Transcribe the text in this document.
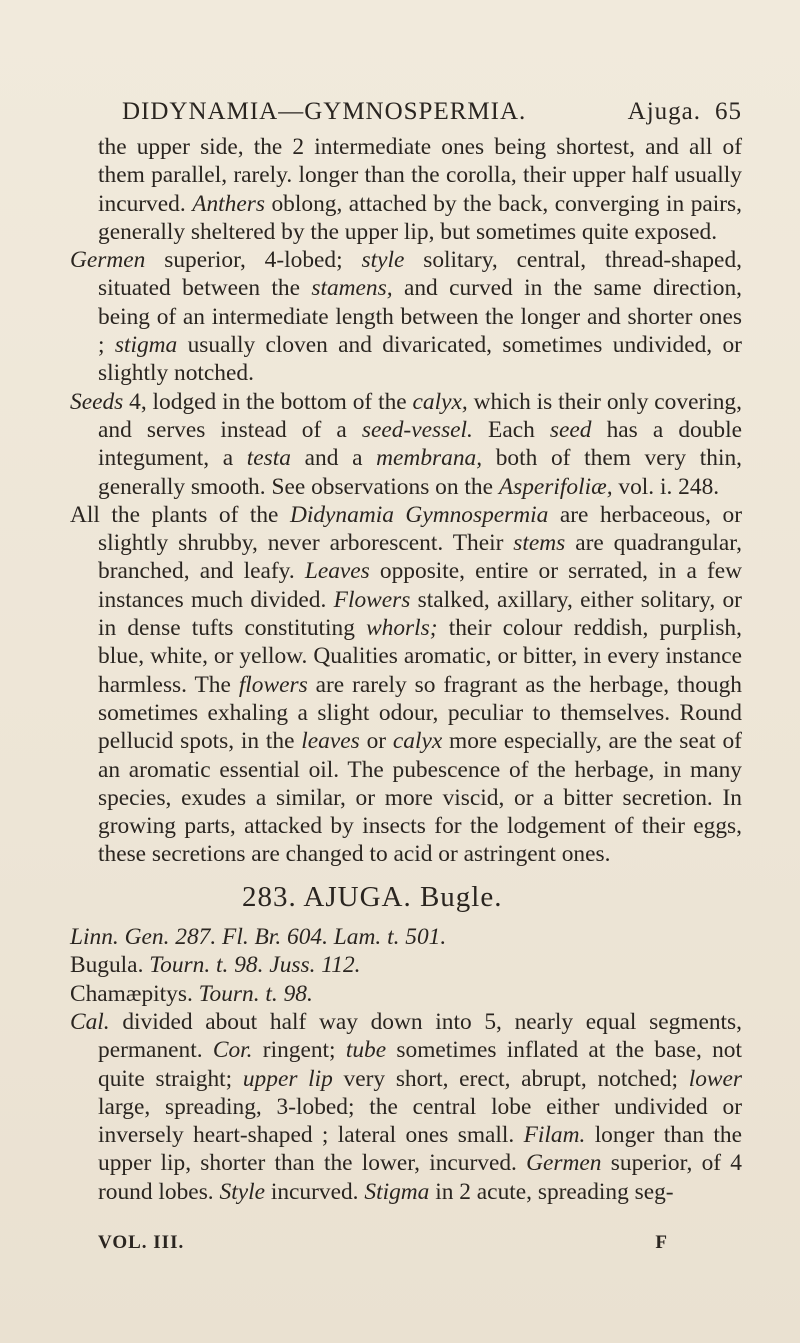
DIDYNAMIA—GYMNOSPERMIA.	Ajuga. 65

the upper side, the 2 intermediate ones being shortest, and all of them parallel, rarely. longer than the corolla, their upper half usually incurved. Anthers oblong, attached by the back, converging in pairs, generally sheltered by the upper lip, but sometimes quite exposed.

Germen superior, 4-lobed; style solitary, central, thread-shaped, situated between the stamens, and curved in the same direction, being of an intermediate length between the longer and shorter ones ; stigma usually cloven and divaricated, sometimes undivided, or slightly notched.

Seeds 4, lodged in the bottom of the calyx, which is their only covering, and serves instead of a seed-vessel. Each seed has a double integument, a testa and a membrana, both of them very thin, generally smooth. See observations on the Asperifoliæ, vol. i. 248.

All the plants of the Didynamia Gymnospermia are herbaceous, or slightly shrubby, never arborescent. Their stems are quadrangular, branched, and leafy. Leaves opposite, entire or serrated, in a few instances much divided. Flowers stalked, axillary, either solitary, or in dense tufts constituting whorls; their colour reddish, purplish, blue, white, or yellow. Qualities aromatic, or bitter, in every instance harmless. The flowers are rarely so fragrant as the herbage, though sometimes exhaling a slight odour, peculiar to themselves. Round pellucid spots, in the leaves or calyx more especially, are the seat of an aromatic essential oil. The pubescence of the herbage, in many species, exudes a similar, or more viscid, or a bitter secretion. In growing parts, attacked by insects for the lodgement of their eggs, these secretions are changed to acid or astringent ones.

283. AJUGA. Bugle.

Linn. Gen. 287. Fl. Br. 604. Lam. t. 501.

Bugula. Tourn. t. 98. Juss. 112.

Chamæpitys. Tourn. t. 98.

Cal. divided about half way down into 5, nearly equal segments, permanent. Cor. ringent; tube sometimes inflated at the base, not quite straight; upper lip very short, erect, abrupt, notched; lower large, spreading, 3-lobed; the central lobe either undivided or inversely heart-shaped ; lateral ones small. Filam. longer than the upper lip, shorter than the lower, incurved. Germen superior, of 4 round lobes. Style incurved. Stigma in 2 acute, spreading seg-

VOL. III.	F
